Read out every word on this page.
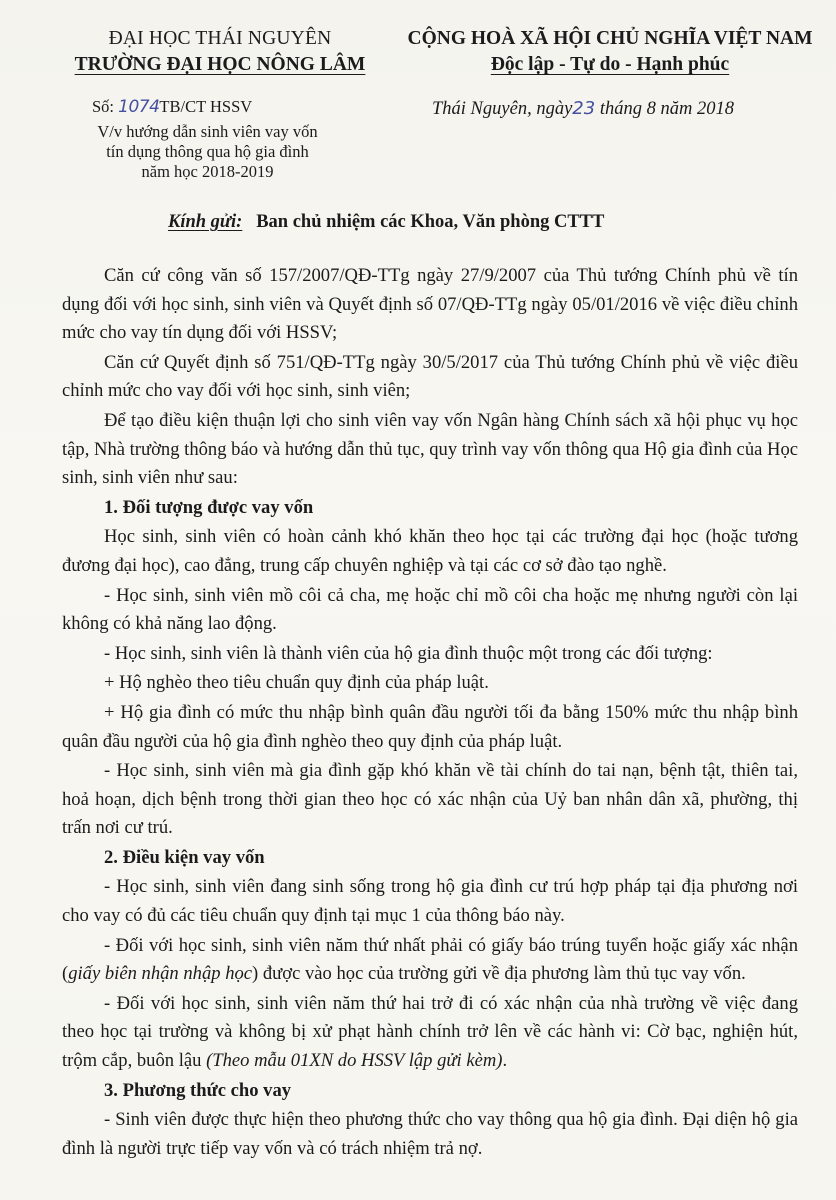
ĐẠI HỌC THÁI NGUYÊN
TRƯỜNG ĐẠI HỌC NÔNG LÂM
CỘNG HOÀ XÃ HỘI CHỦ NGHĨA VIỆT NAM
Độc lập - Tự do - Hạnh phúc
Số: 1074TB/CT HSSV
V/v hướng dẫn sinh viên vay vốn
tín dụng thông qua hộ gia đình
năm học 2018-2019
Thái Nguyên, ngày23 tháng 8 năm 2018
Kính gửi: Ban chủ nhiệm các Khoa, Văn phòng CTTT

Căn cứ công văn số 157/2007/QĐ-TTg ngày 27/9/2007 của Thủ tướng Chính phủ về tín dụng đối với học sinh, sinh viên và Quyết định số 07/QĐ-TTg ngày 05/01/2016 về việc điều chỉnh mức cho vay tín dụng đối với HSSV;

Căn cứ Quyết định số 751/QĐ-TTg ngày 30/5/2017 của Thủ tướng Chính phủ về việc điều chỉnh mức cho vay đối với học sinh, sinh viên;

Để tạo điều kiện thuận lợi cho sinh viên vay vốn Ngân hàng Chính sách xã hội phục vụ học tập, Nhà trường thông báo và hướng dẫn thủ tục, quy trình vay vốn thông qua Hộ gia đình của Học sinh, sinh viên như sau:

1. Đối tượng được vay vốn

Học sinh, sinh viên có hoàn cảnh khó khăn theo học tại các trường đại học (hoặc tương đương đại học), cao đẳng, trung cấp chuyên nghiệp và tại các cơ sở đào tạo nghề.

- Học sinh, sinh viên mồ côi cả cha, mẹ hoặc chỉ mồ côi cha hoặc mẹ nhưng người còn lại không có khả năng lao động.

- Học sinh, sinh viên là thành viên của hộ gia đình thuộc một trong các đối tượng:

+ Hộ nghèo theo tiêu chuẩn quy định của pháp luật.

+ Hộ gia đình có mức thu nhập bình quân đầu người tối đa bằng 150% mức thu nhập bình quân đầu người của hộ gia đình nghèo theo quy định của pháp luật.

- Học sinh, sinh viên mà gia đình gặp khó khăn về tài chính do tai nạn, bệnh tật, thiên tai, hoả hoạn, dịch bệnh trong thời gian theo học có xác nhận của Uỷ ban nhân dân xã, phường, thị trấn nơi cư trú.

2. Điều kiện vay vốn

- Học sinh, sinh viên đang sinh sống trong hộ gia đình cư trú hợp pháp tại địa phương nơi cho vay có đủ các tiêu chuẩn quy định tại mục 1 của thông báo này.

- Đối với học sinh, sinh viên năm thứ nhất phải có giấy báo trúng tuyển hoặc giấy xác nhận (giấy biên nhận nhập học) được vào học của trường gửi về địa phương làm thủ tục vay vốn.

- Đối với học sinh, sinh viên năm thứ hai trở đi có xác nhận của nhà trường về việc đang theo học tại trường và không bị xử phạt hành chính trở lên về các hành vi: Cờ bạc, nghiện hút, trộm cắp, buôn lậu (Theo mẫu 01XN do HSSV lập gửi kèm).

3. Phương thức cho vay

- Sinh viên được thực hiện theo phương thức cho vay thông qua hộ gia đình. Đại diện hộ gia đình là người trực tiếp vay vốn và có trách nhiệm trả nợ.
